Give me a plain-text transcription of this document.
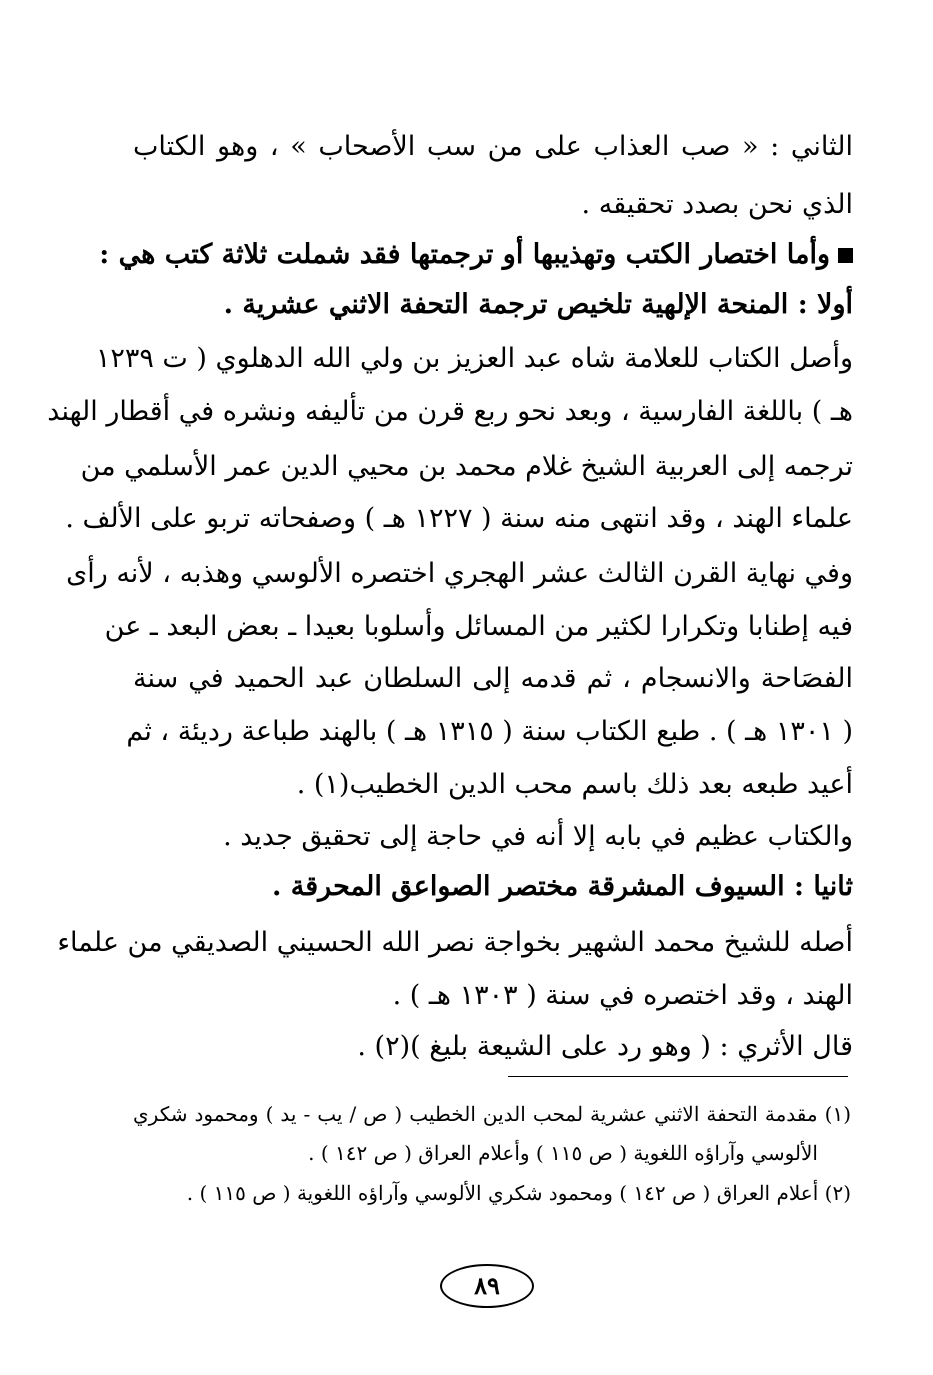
الثاني : « صب العذاب على من سب الأصحاب » ، وهو الكتاب
الذي نحن بصدد تحقيقه .
وأما اختصار الكتب وتهذيبها أو ترجمتها فقد شملت ثلاثة كتب هي :
أولا : المنحة الإلهية تلخيص ترجمة التحفة الاثني عشرية .
وأصل الكتاب للعلامة شاه عبد العزيز بن ولي الله الدهلوي ( ت ١٢٣٩
هـ ) باللغة الفارسية ، وبعد نحو ربع قرن من تأليفه ونشره في أقطار الهند
ترجمه إلى العربية الشيخ غلام محمد بن محيي الدين عمر الأسلمي من
علماء الهند ، وقد انتهى منه سنة ( ١٢٢٧ هـ ) وصفحاته تربو على الألف .
وفي نهاية القرن الثالث عشر الهجري اختصره الألوسي وهذبه ، لأنه رأى
فيه إطنابا وتكرارا لكثير من المسائل وأسلوبا بعيدا ـ بعض البعد ـ عن
الفصَاحة والانسجام ، ثم قدمه إلى السلطان عبد الحميد في سنة
( ١٣٠١ هـ ) . طبع الكتاب سنة ( ١٣١٥ هـ ) بالهند طباعة رديئة ، ثم
أعيد طبعه بعد ذلك باسم محب الدين الخطيب(١) .
والكتاب عظيم في بابه إلا أنه في حاجة إلى تحقيق جديد .
ثانيا : السيوف المشرقة مختصر الصواعق المحرقة .
أصله للشيخ محمد الشهير بخواجة نصر الله الحسيني الصديقي من علماء
الهند ، وقد اختصره في سنة ( ١٣٠٣ هـ ) .
قال الأثري : ( وهو رد على الشيعة بليغ )(٢) .
(١) مقدمة التحفة الاثني عشرية لمحب الدين الخطيب ( ص / يب - يد ) ومحمود شكري
الألوسي وآراؤه اللغوية ( ص ١١٥ ) وأعلام العراق ( ص ١٤٢ ) .
(٢) أعلام العراق ( ص ١٤٢ ) ومحمود شكري الألوسي وآراؤه اللغوية ( ص ١١٥ ) .
٨٩
